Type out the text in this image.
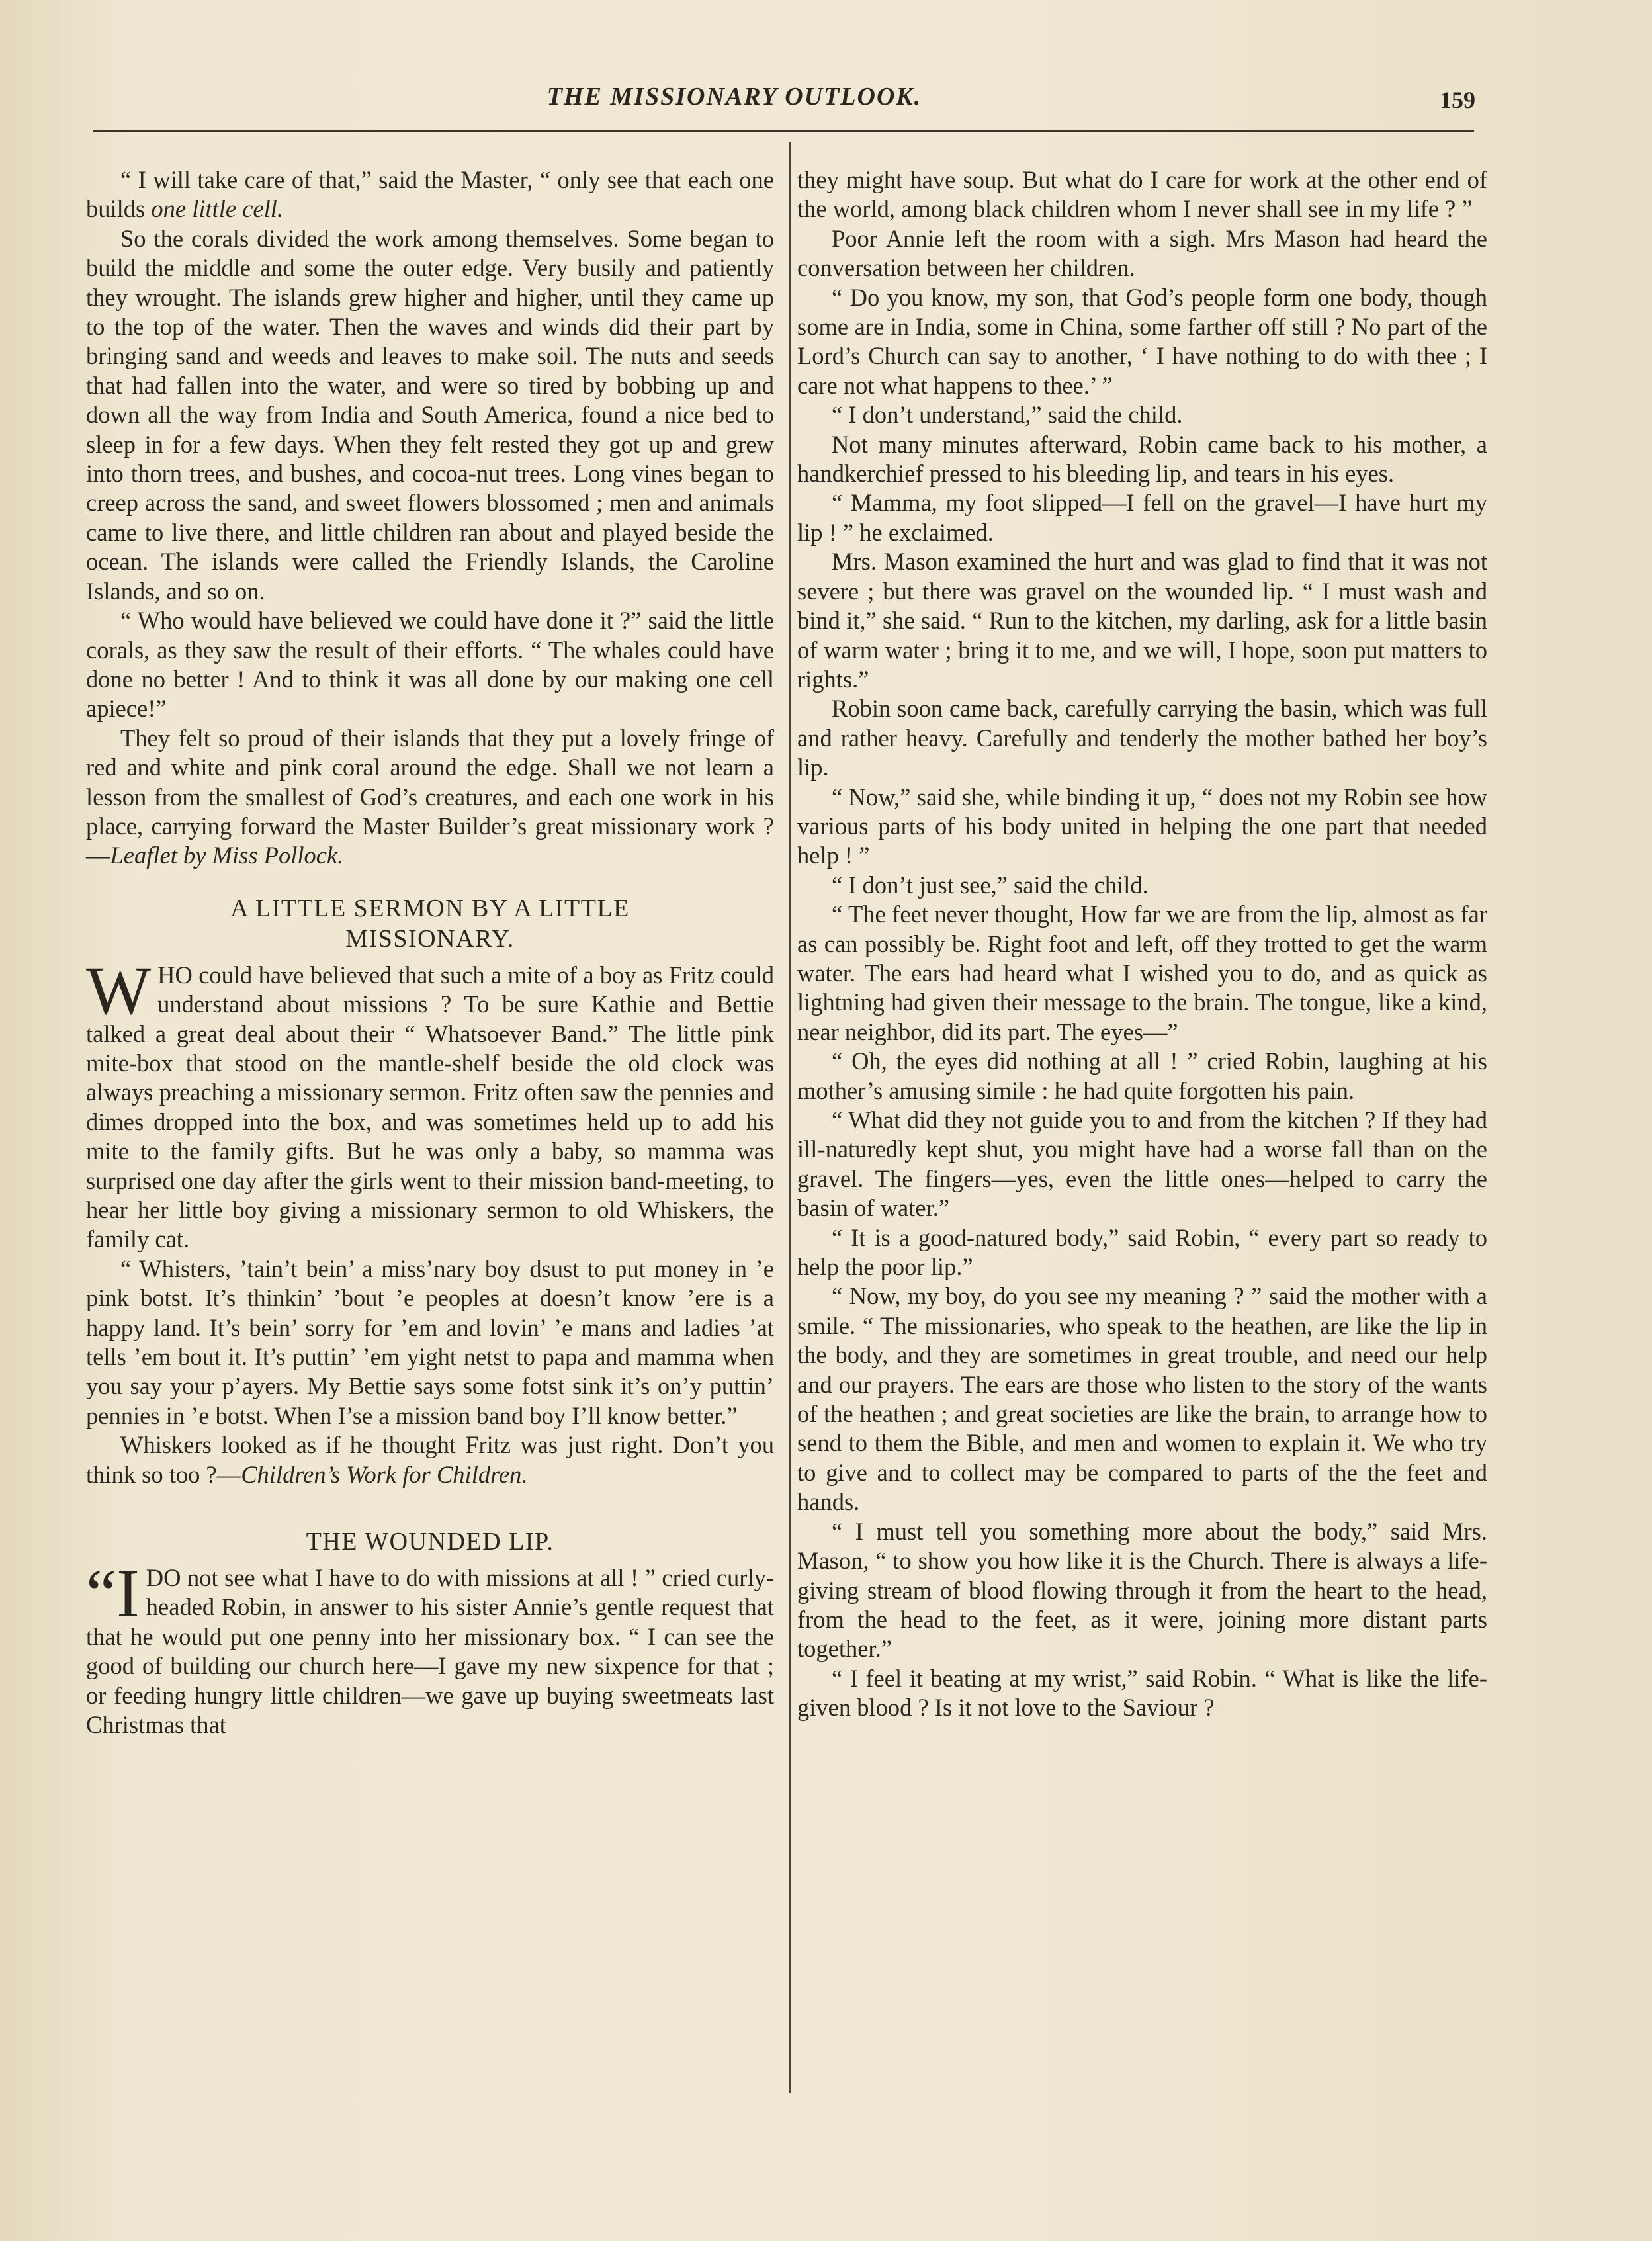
THE MISSIONARY OUTLOOK.	159

“ I will take care of that,” said the Master, “ only see that each one builds one little cell.

So the corals divided the work among themselves. Some began to build the middle and some the outer edge. Very busily and patiently they wrought. The islands grew higher and higher, until they came up to the top of the water. Then the waves and winds did their part by bringing sand and weeds and leaves to make soil. The nuts and seeds that had fallen into the water, and were so tired by bobbing up and down all the way from India and South America, found a nice bed to sleep in for a few days. When they felt rested they got up and grew into thorn trees, and bushes, and cocoa-nut trees. Long vines began to creep across the sand, and sweet flowers blossomed ; men and animals came to live there, and little children ran about and played beside the ocean. The islands were called the Friendly Islands, the Caroline Islands, and so on.

“ Who would have believed we could have done it ?” said the little corals, as they saw the result of their efforts. “ The whales could have done no better ! And to think it was all done by our making one cell apiece!”

They felt so proud of their islands that they put a lovely fringe of red and white and pink coral around the edge. Shall we not learn a lesson from the smallest of God’s creatures, and each one work in his place, carrying forward the Master Builder’s great missionary work ?—Leaflet by Miss Pollock.

A LITTLE SERMON BY A LITTLE
MISSIONARY.

WHO could have believed that such a mite of a boy as Fritz could understand about missions ? To be sure Kathie and Bettie talked a great deal about their “ Whatsoever Band.” The little pink mite-box that stood on the mantle-shelf beside the old clock was always preaching a missionary sermon. Fritz often saw the pennies and dimes dropped into the box, and was sometimes held up to add his mite to the family gifts. But he was only a baby, so mamma was surprised one day after the girls went to their mission band-meeting, to hear her little boy giving a missionary sermon to old Whiskers, the family cat.

“ Whisters, ’tain’t bein’ a miss’nary boy dsust to put money in ’e pink botst. It’s thinkin’ ’bout ’e peoples at doesn’t know ’ere is a happy land. It’s bein’ sorry for ’em and lovin’ ’e mans and ladies ’at tells ’em bout it. It’s puttin’ ’em yight netst to papa and mamma when you say your p’ayers. My Bettie says some fotst sink it’s on’y puttin’ pennies in ’e botst. When I’se a mission band boy I’ll know better.”

Whiskers looked as if he thought Fritz was just right. Don’t you think so too ?—Children’s Work for Children.

THE WOUNDED LIP.

“I DO not see what I have to do with missions at all ! ” cried curly-headed Robin, in answer to his sister Annie’s gentle request that that he would put one penny into her missionary box. “ I can see the good of building our church here—I gave my new sixpence for that ; or feeding hungry little children—we gave up buying sweetmeats last Christmas that

they might have soup. But what do I care for work at the other end of the world, among black children whom I never shall see in my life ? ”

Poor Annie left the room with a sigh. Mrs Mason had heard the conversation between her children.

“ Do you know, my son, that God’s people form one body, though some are in India, some in China, some farther off still ? No part of the Lord’s Church can say to another, ‘ I have nothing to do with thee ; I care not what happens to thee.’ ”

“ I don’t understand,” said the child.

Not many minutes afterward, Robin came back to his mother, a handkerchief pressed to his bleeding lip, and tears in his eyes.

“ Mamma, my foot slipped—I fell on the gravel—I have hurt my lip ! ” he exclaimed.

Mrs. Mason examined the hurt and was glad to find that it was not severe ; but there was gravel on the wounded lip. “ I must wash and bind it,” she said. “ Run to the kitchen, my darling, ask for a little basin of warm water ; bring it to me, and we will, I hope, soon put matters to rights.”

Robin soon came back, carefully carrying the basin, which was full and rather heavy. Carefully and tenderly the mother bathed her boy’s lip.

“ Now,” said she, while binding it up, “ does not my Robin see how various parts of his body united in helping the one part that needed help ! ”

“ I don’t just see,” said the child.

“ The feet never thought, How far we are from the lip, almost as far as can possibly be. Right foot and left, off they trotted to get the warm water. The ears had heard what I wished you to do, and as quick as lightning had given their message to the brain. The tongue, like a kind, near neighbor, did its part. The eyes—”

“ Oh, the eyes did nothing at all ! ” cried Robin, laughing at his mother’s amusing simile : he had quite forgotten his pain.

“ What did they not guide you to and from the kitchen ? If they had ill-naturedly kept shut, you might have had a worse fall than on the gravel. The fingers—yes, even the little ones—helped to carry the basin of water.”

“ It is a good-natured body,” said Robin, “ every part so ready to help the poor lip.”

“ Now, my boy, do you see my meaning ? ” said the mother with a smile. “ The missionaries, who speak to the heathen, are like the lip in the body, and they are sometimes in great trouble, and need our help and our prayers. The ears are those who listen to the story of the wants of the heathen ; and great societies are like the brain, to arrange how to send to them the Bible, and men and women to explain it. We who try to give and to collect may be compared to parts of the the feet and hands.

“ I must tell you something more about the body,” said Mrs. Mason, “ to show you how like it is the Church. There is always a life-giving stream of blood flowing through it from the heart to the head, from the head to the feet, as it were, joining more distant parts together.”

“ I feel it beating at my wrist,” said Robin. “ What is like the life-given blood ? Is it not love to the Saviour ?
